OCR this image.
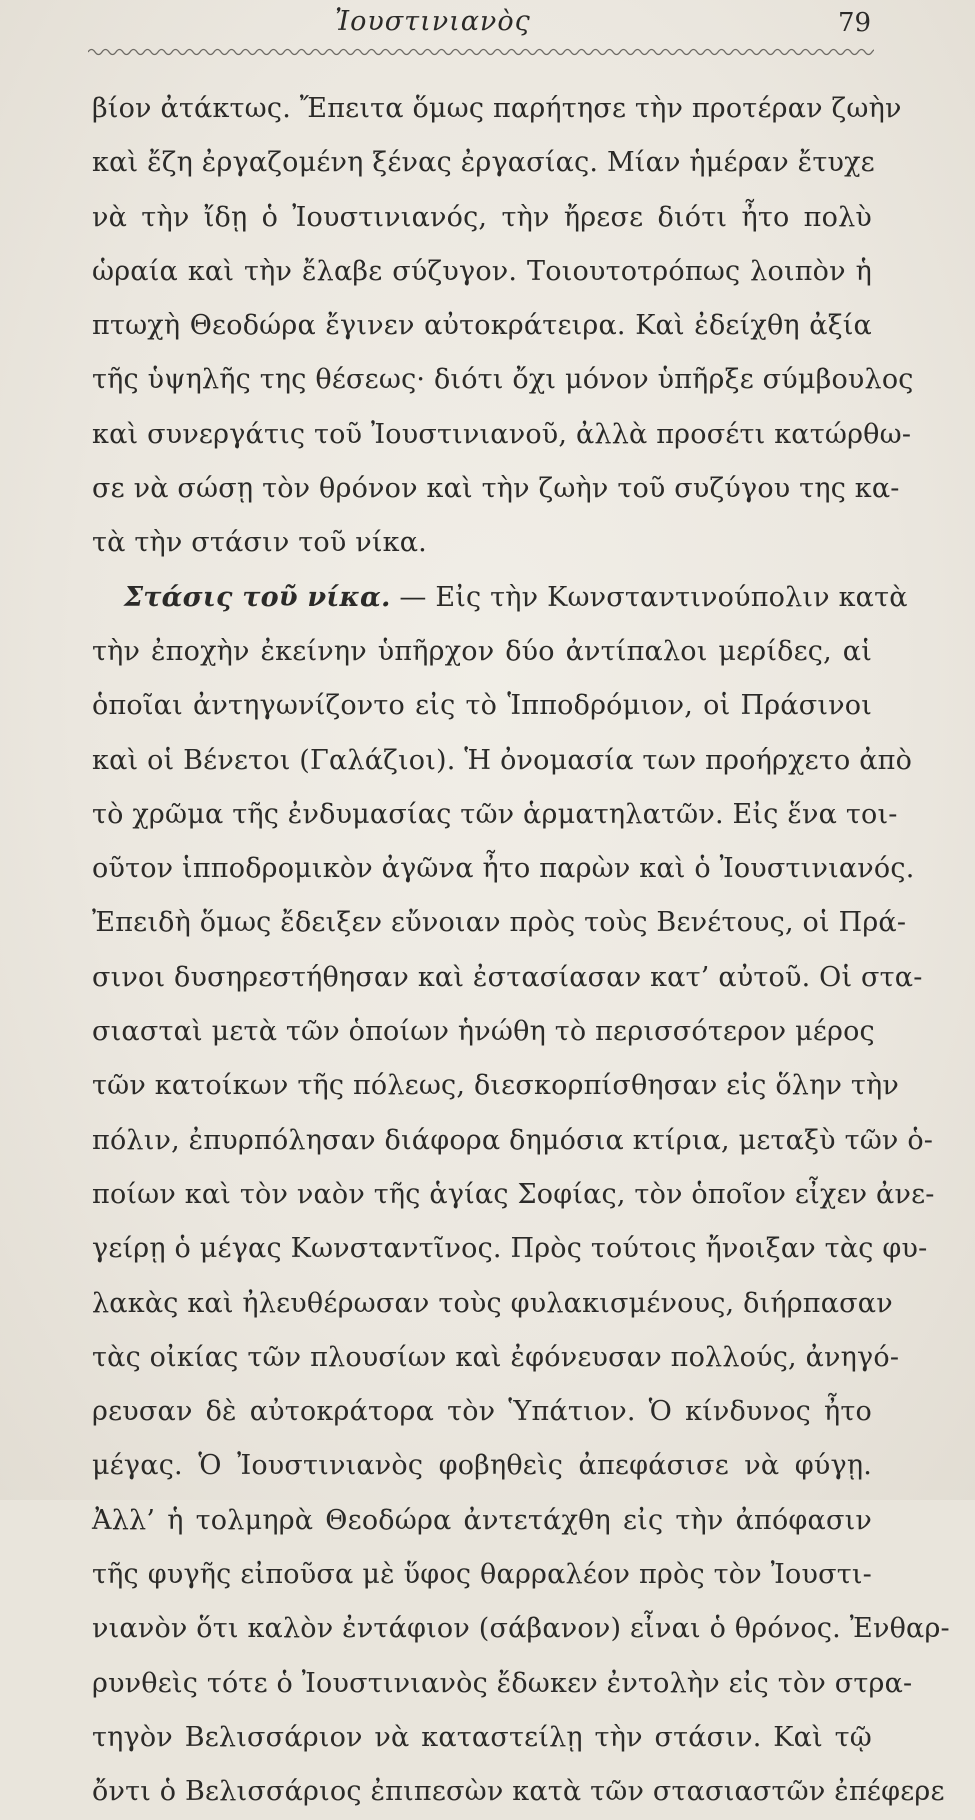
Ἰουστινιανὸς	79
βίον ἀτάκτως. Ἔπειτα ὅμως παρήτησε τὴν προτέραν ζωὴν
καὶ ἔζη ἐργαζομένη ξένας ἐργασίας. Μίαν ἡμέραν ἔτυχε
νὰ τὴν ἴδῃ ὁ Ἰουστινιανός, τὴν ἤρεσε διότι ἦτο πολὺ
ὡραία καὶ τὴν ἔλαβε σύζυγον. Τοιουτοτρόπως λοιπὸν ἡ
πτωχὴ Θεοδώρα ἔγινεν αὐτοκράτειρα. Καὶ ἐδείχθη ἀξία
τῆς ὑψηλῆς της θέσεως· διότι ὄχι μόνον ὑπῆρξε σύμβουλος
καὶ συνεργάτις τοῦ Ἰουστινιανοῦ, ἀλλὰ προσέτι κατώρθω-
σε νὰ σώσῃ τὸν θρόνον καὶ τὴν ζωὴν τοῦ συζύγου της κα-
τὰ τὴν στάσιν τοῦ νίκα.
Στάσις τοῦ νίκα. — Εἰς τὴν Κωνσταντινούπολιν κατὰ
τὴν ἐποχὴν ἐκείνην ὑπῆρχον δύο ἀντίπαλοι μερίδες, αἱ
ὁποῖαι ἀντηγωνίζοντο εἰς τὸ Ἱπποδρόμιον, οἱ Πράσινοι
καὶ οἱ Βένετοι (Γαλάζιοι). Ἡ ὀνομασία των προήρχετο ἀπὸ
τὸ χρῶμα τῆς ἐνδυμασίας τῶν ἁρματηλατῶν. Εἰς ἕνα τοι-
οῦτον ἱπποδρομικὸν ἀγῶνα ἦτο παρὼν καὶ ὁ Ἰουστινιανός.
Ἐπειδὴ ὅμως ἔδειξεν εὔνοιαν πρὸς τοὺς Βενέτους, οἱ Πρά-
σινοι δυσηρεστήθησαν καὶ ἐστασίασαν κατ’ αὐτοῦ. Οἱ στα-
σιασταὶ μετὰ τῶν ὁποίων ἡνώθη τὸ περισσότερον μέρος
τῶν κατοίκων τῆς πόλεως, διεσκορπίσθησαν εἰς ὅλην τὴν
πόλιν, ἐπυρπόλησαν διάφορα δημόσια κτίρια, μεταξὺ τῶν ὁ-
ποίων καὶ τὸν ναὸν τῆς ἁγίας Σοφίας, τὸν ὁποῖον εἶχεν ἀνε-
γείρῃ ὁ μέγας Κωνσταντῖνος. Πρὸς τούτοις ἤνοιξαν τὰς φυ-
λακὰς καὶ ἠλευθέρωσαν τοὺς φυλακισμένους, διήρπασαν
τὰς οἰκίας τῶν πλουσίων καὶ ἐφόνευσαν πολλούς, ἀνηγό-
ρευσαν δὲ αὐτοκράτορα τὸν Ὑπάτιον. Ὁ κίνδυνος ἦτο
μέγας. Ὁ Ἰουστινιανὸς φοβηθεὶς ἀπεφάσισε νὰ φύγῃ.
Ἀλλ’ ἡ τολμηρὰ Θεοδώρα ἀντετάχθη εἰς τὴν ἀπόφασιν
τῆς φυγῆς εἰποῦσα μὲ ὕφος θαρραλέον πρὸς τὸν Ἰουστι-
νιανὸν ὅτι καλὸν ἐντάφιον (σάβανον) εἶναι ὁ θρόνος. Ἐνθαρ-
ρυνθεὶς τότε ὁ Ἰουστινιανὸς ἔδωκεν ἐντολὴν εἰς τὸν στρα-
τηγὸν Βελισσάριον νὰ καταστείλῃ τὴν στάσιν. Καὶ τῷ
ὄντι ὁ Βελισσάριος ἐπιπεσὼν κατὰ τῶν στασιαστῶν ἐπέφερε
